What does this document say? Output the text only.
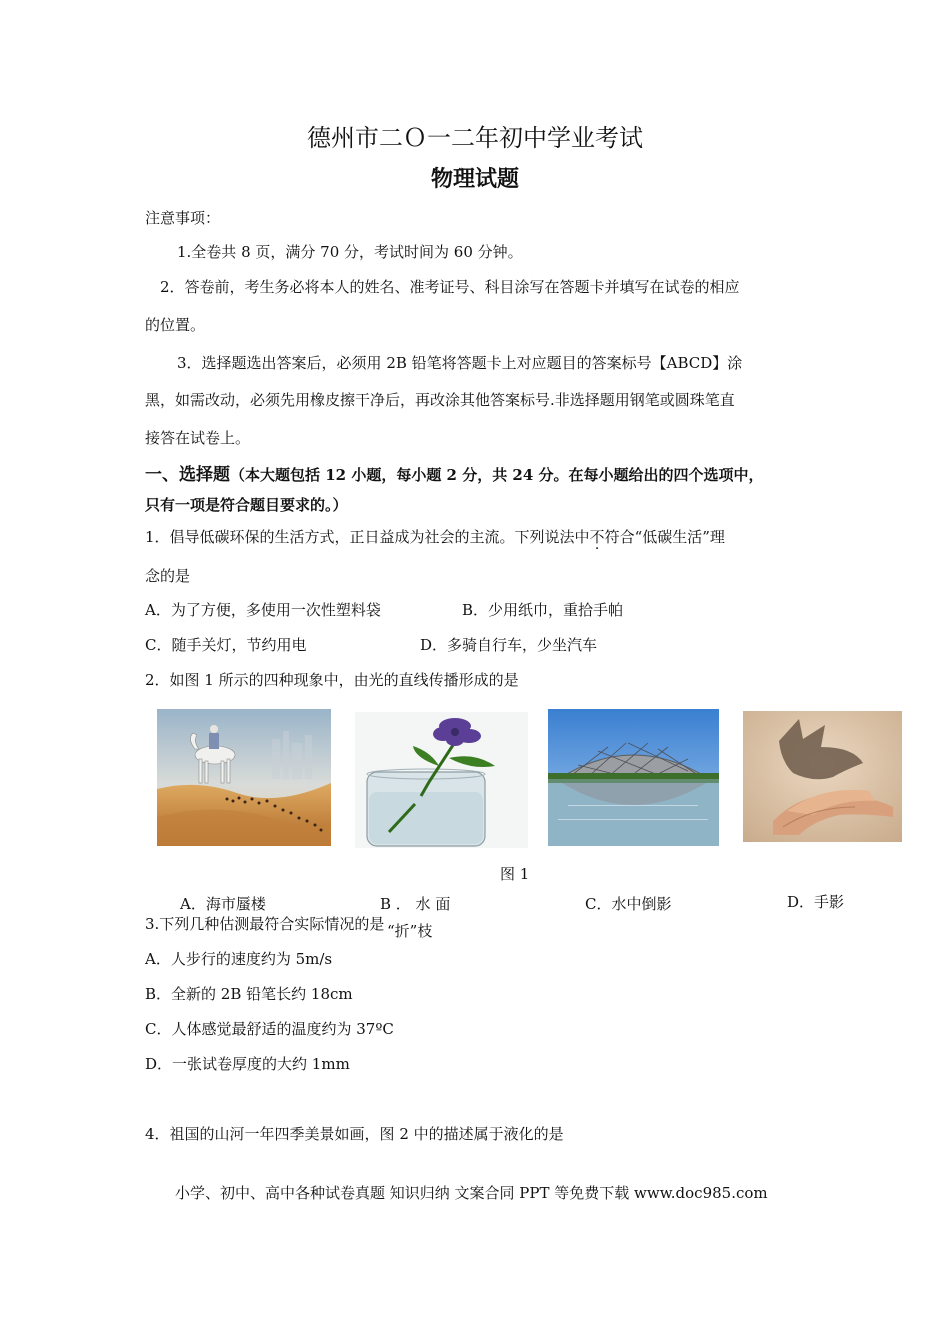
德州市二Ｏ一二年初中学业考试
物理试题
注意事项：
1.全卷共 8 页，满分 70 分，考试时间为 60 分钟。
2．答卷前，考生务必将本人的姓名、准考证号、科目涂写在答题卡并填写在试卷的相应
的位置。
3．选择题选出答案后，必须用 2B 铅笔将答题卡上对应题目的答案标号【ABCD】涂
黑，如需改动，必须先用橡皮擦干净后，再改涂其他答案标号.非选择题用钢笔或圆珠笔直
接答在试卷上。
一、选择题（本大题包括 12 小题，每小题 2 分，共 24 分。在每小题给出的四个选项中，
只有一项是符合题目要求的。）
1．倡导低碳环保的生活方式，正日益成为社会的主流。下列说法中不符合“低碳生活”理
念的是
A．为了方便，多使用一次性塑料袋	B．少用纸巾，重拾手帕
C．随手关灯，节约用电	D．多骑自行车，少坐汽车
2．如图 1 所示的四种现象中，由光的直线传播形成的是
图 1
A．海市蜃楼	B ． 水 面
“折”枝
C．水中倒影	D．手影
3.下列几种估测最符合实际情况的是
A．人步行的速度约为 5m/s
B．全新的 2B 铅笔长约 18cm
C．人体感觉最舒适的温度约为 37ºC
D．一张试卷厚度的大约 1mm
4．祖国的山河一年四季美景如画，图 2 中的描述属于液化的是
小学、初中、高中各种试卷真题 知识归纳 文案合同 PPT 等免费下载 www.doc985.com
